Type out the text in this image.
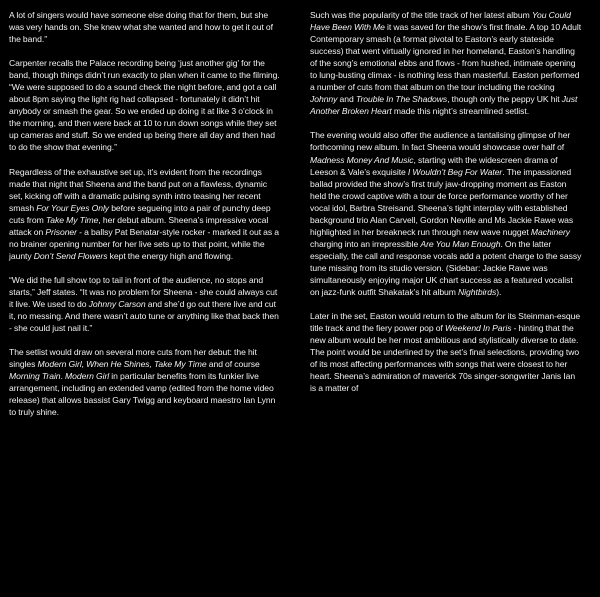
A lot of singers would have someone else doing that for them, but she was very hands on. She knew what she wanted and how to get it out of the band.”

Carpenter recalls the Palace recording being ‘just another gig’ for the band, though things didn’t run exactly to plan when it came to the filming. “We were supposed to do a sound check the night before, and got a call about 8pm saying the light rig had collapsed - fortunately it didn’t hit anybody or smash the gear. So we ended up doing it at like 3 o’clock in the morning, and then were back at 10 to run down songs while they set up cameras and stuff. So we ended up being there all day and then had to do the show that evening.”

Regardless of the exhaustive set up, it’s evident from the recordings made that night that Sheena and the band put on a flawless, dynamic set, kicking off with a dramatic pulsing synth intro teasing her recent smash For Your Eyes Only before segueing into a pair of punchy deep cuts from Take My Time, her debut album. Sheena’s impressive vocal attack on Prisoner - a ballsy Pat Benatar-style rocker - marked it out as a no brainer opening number for her live sets up to that point, while the jaunty Don’t Send Flowers kept the energy high and flowing.

“We did the full show top to tail in front of the audience, no stops and starts,” Jeff states. “It was no problem for Sheena - she could always cut it live. We used to do Johnny Carson and she’d go out there live and cut it, no messing. And there wasn’t auto tune or anything like that back then - she could just nail it.”

The setlist would draw on several more cuts from her debut: the hit singles Modern Girl, When He Shines, Take My Time and of course Morning Train. Modern Girl in particular benefits from its funkier live arrangement, including an extended vamp (edited from the home video release) that allows bassist Gary Twigg and keyboard maestro Ian Lynn to truly shine.

Such was the popularity of the title track of her latest album You Could Have Been With Me it was saved for the show’s first finale. A top 10 Adult Contemporary smash (a format pivotal to Easton’s early stateside success) that went virtually ignored in her homeland, Easton’s handling of the song’s emotional ebbs and flows - from hushed, intimate opening to lung-busting climax - is nothing less than masterful. Easton performed a number of cuts from that album on the tour including the rocking Johnny and Trouble In The Shadows, though only the peppy UK hit Just Another Broken Heart made this night’s streamlined setlist.

The evening would also offer the audience a tantalising glimpse of her forthcoming new album. In fact Sheena would showcase over half of Madness Money And Music, starting with the widescreen drama of Leeson & Vale’s exquisite I Wouldn’t Beg For Water. The impassioned ballad provided the show’s first truly jaw-dropping moment as Easton held the crowd captive with a tour de force performance worthy of her vocal idol, Barbra Streisand. Sheena’s tight interplay with established background trio Alan Carvell, Gordon Neville and Ms Jackie Rawe was highlighted in her breakneck run through new wave nugget Machinery charging into an irrepressible Are You Man Enough. On the latter especially, the call and response vocals add a potent charge to the sassy tune missing from its studio version. (Sidebar: Jackie Rawe was simultaneously enjoying major UK chart success as a featured vocalist on jazz-funk outfit Shakatak’s hit album Nightbirds).

Later in the set, Easton would return to the album for its Steinman-esque title track and the fiery power pop of Weekend In Paris - hinting that the new album would be her most ambitious and stylistically diverse to date. The point would be underlined by the set’s final selections, providing two of its most affecting performances with songs that were closest to her heart. Sheena’s admiration of maverick 70s singer-songwriter Janis Ian is a matter of
